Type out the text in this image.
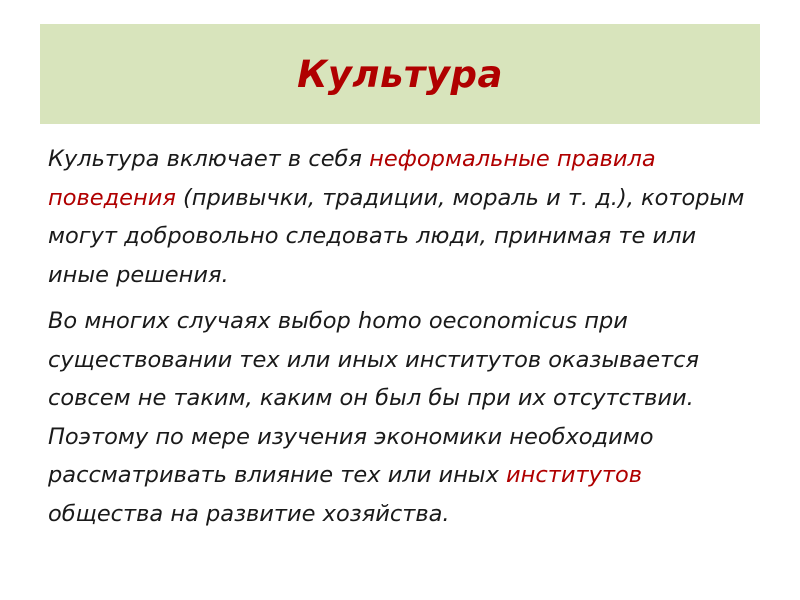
Культура

Культура включает в себя неформальные правила поведения (привычки, традиции, мораль и т. д.), которым могут добровольно следовать люди, принимая те или иные решения.

Во многих случаях выбор homo oeconomicus при существовании тех или иных институтов оказывается совсем не таким, каким он был бы при их отсутствии. Поэтому по мере изучения экономики необходимо рассматривать влияние тех или иных институтов общества на развитие хозяйства.
